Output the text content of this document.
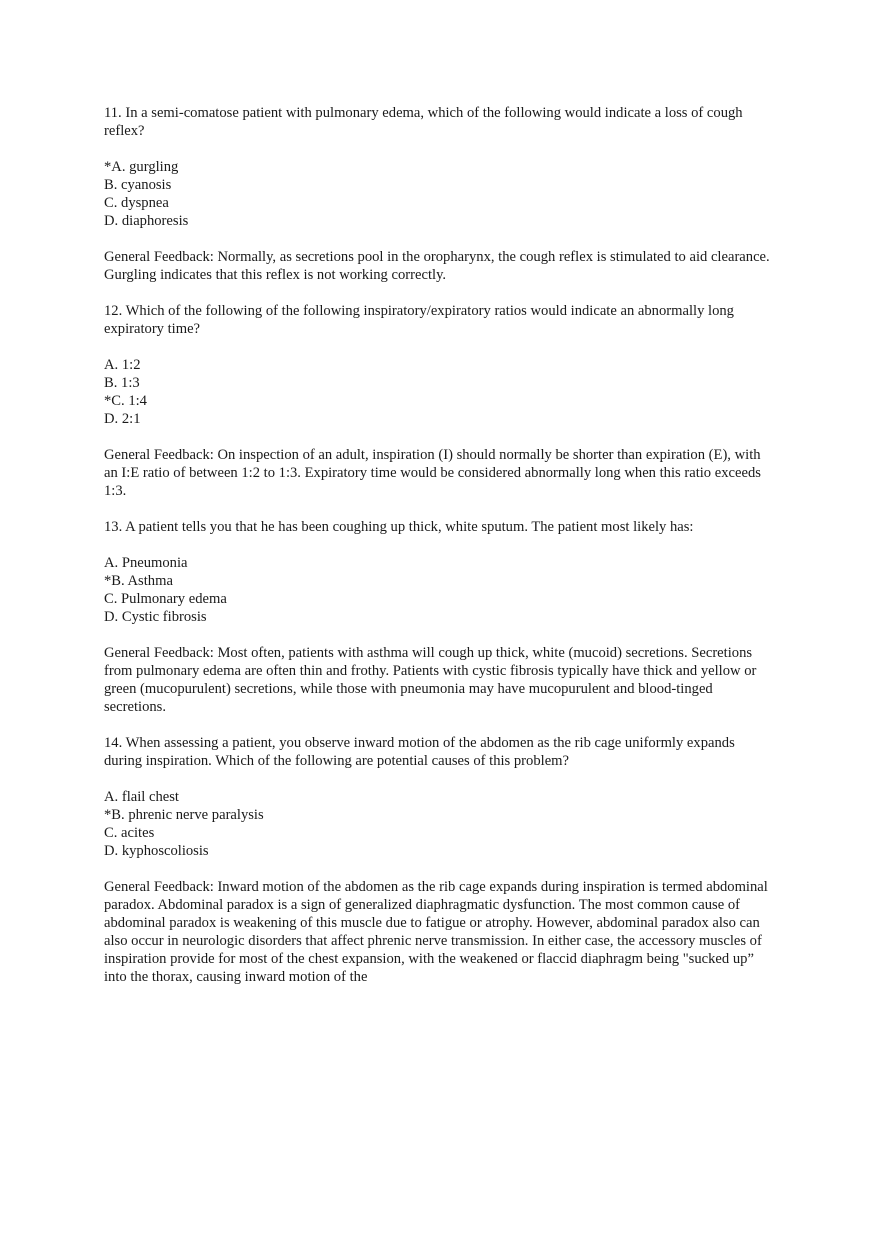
11. In a semi-comatose patient with pulmonary edema, which of the following would indicate a loss of cough reflex?

*A. gurgling
B. cyanosis
C. dyspnea
D. diaphoresis

General Feedback: Normally, as secretions pool in the oropharynx, the cough reflex is stimulated to aid clearance. Gurgling indicates that this reflex is not working correctly.

12. Which of the following of the following inspiratory/expiratory ratios would indicate an abnormally long expiratory time?

A. 1:2
B. 1:3
*C. 1:4
D. 2:1

General Feedback: On inspection of an adult, inspiration (I) should normally be shorter than expiration (E), with an I:E ratio of between 1:2 to 1:3. Expiratory time would be considered abnormally long when this ratio exceeds 1:3.

13. A patient tells you that he has been coughing up thick, white sputum. The patient most likely has:

A. Pneumonia
*B. Asthma
C. Pulmonary edema
D. Cystic fibrosis

General Feedback: Most often, patients with asthma will cough up thick, white (mucoid) secretions. Secretions from pulmonary edema are often thin and frothy. Patients with cystic fibrosis typically have thick and yellow or green (mucopurulent) secretions, while those with pneumonia may have mucopurulent and blood-tinged secretions.

14. When assessing a patient, you observe inward motion of the abdomen as the rib cage uniformly expands during inspiration. Which of the following are potential causes of this problem?

A. flail chest
*B. phrenic nerve paralysis
C. acites
D. kyphoscoliosis

General Feedback: Inward motion of the abdomen as the rib cage expands during inspiration is termed abdominal paradox. Abdominal paradox is a sign of generalized diaphragmatic dysfunction. The most common cause of abdominal paradox is weakening of this muscle due to fatigue or atrophy. However, abdominal paradox also can also occur in neurologic disorders that affect phrenic nerve transmission. In either case, the accessory muscles of inspiration provide for most of the chest expansion, with the weakened or flaccid diaphragm being "sucked up” into the thorax, causing inward motion of the
